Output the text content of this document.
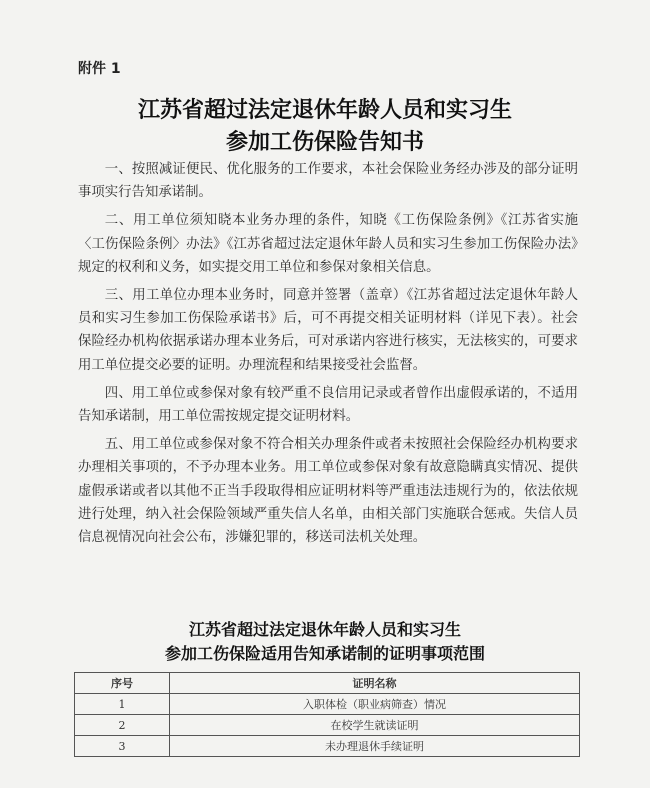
附件 1
江苏省超过法定退休年龄人员和实习生
参加工伤保险告知书

一、按照减证便民、优化服务的工作要求，本社会保险业务经办涉及的部分证明事项实行告知承诺制。

二、用工单位须知晓本业务办理的条件，知晓《工伤保险条例》《江苏省实施〈工伤保险条例〉办法》《江苏省超过法定退休年龄人员和实习生参加工伤保险办法》规定的权利和义务，如实提交用工单位和参保对象相关信息。

三、用工单位办理本业务时，同意并签署（盖章）《江苏省超过法定退休年龄人员和实习生参加工伤保险承诺书》后，可不再提交相关证明材料（详见下表）。社会保险经办机构依据承诺办理本业务后，可对承诺内容进行核实，无法核实的，可要求用工单位提交必要的证明。办理流程和结果接受社会监督。

四、用工单位或参保对象有较严重不良信用记录或者曾作出虚假承诺的，不适用告知承诺制，用工单位需按规定提交证明材料。

五、用工单位或参保对象不符合相关办理条件或者未按照社会保险经办机构要求办理相关事项的，不予办理本业务。用工单位或参保对象有故意隐瞒真实情况、提供虚假承诺或者以其他不正当手段取得相应证明材料等严重违法违规行为的，依法依规进行处理，纳入社会保险领域严重失信人名单，由相关部门实施联合惩戒。失信人员信息视情况向社会公布，涉嫌犯罪的，移送司法机关处理。

江苏省超过法定退休年龄人员和实习生
参加工伤保险适用告知承诺制的证明事项范围
序号	证明名称
1	入职体检（职业病筛查）情况
2	在校学生就读证明
3	未办理退休手续证明
